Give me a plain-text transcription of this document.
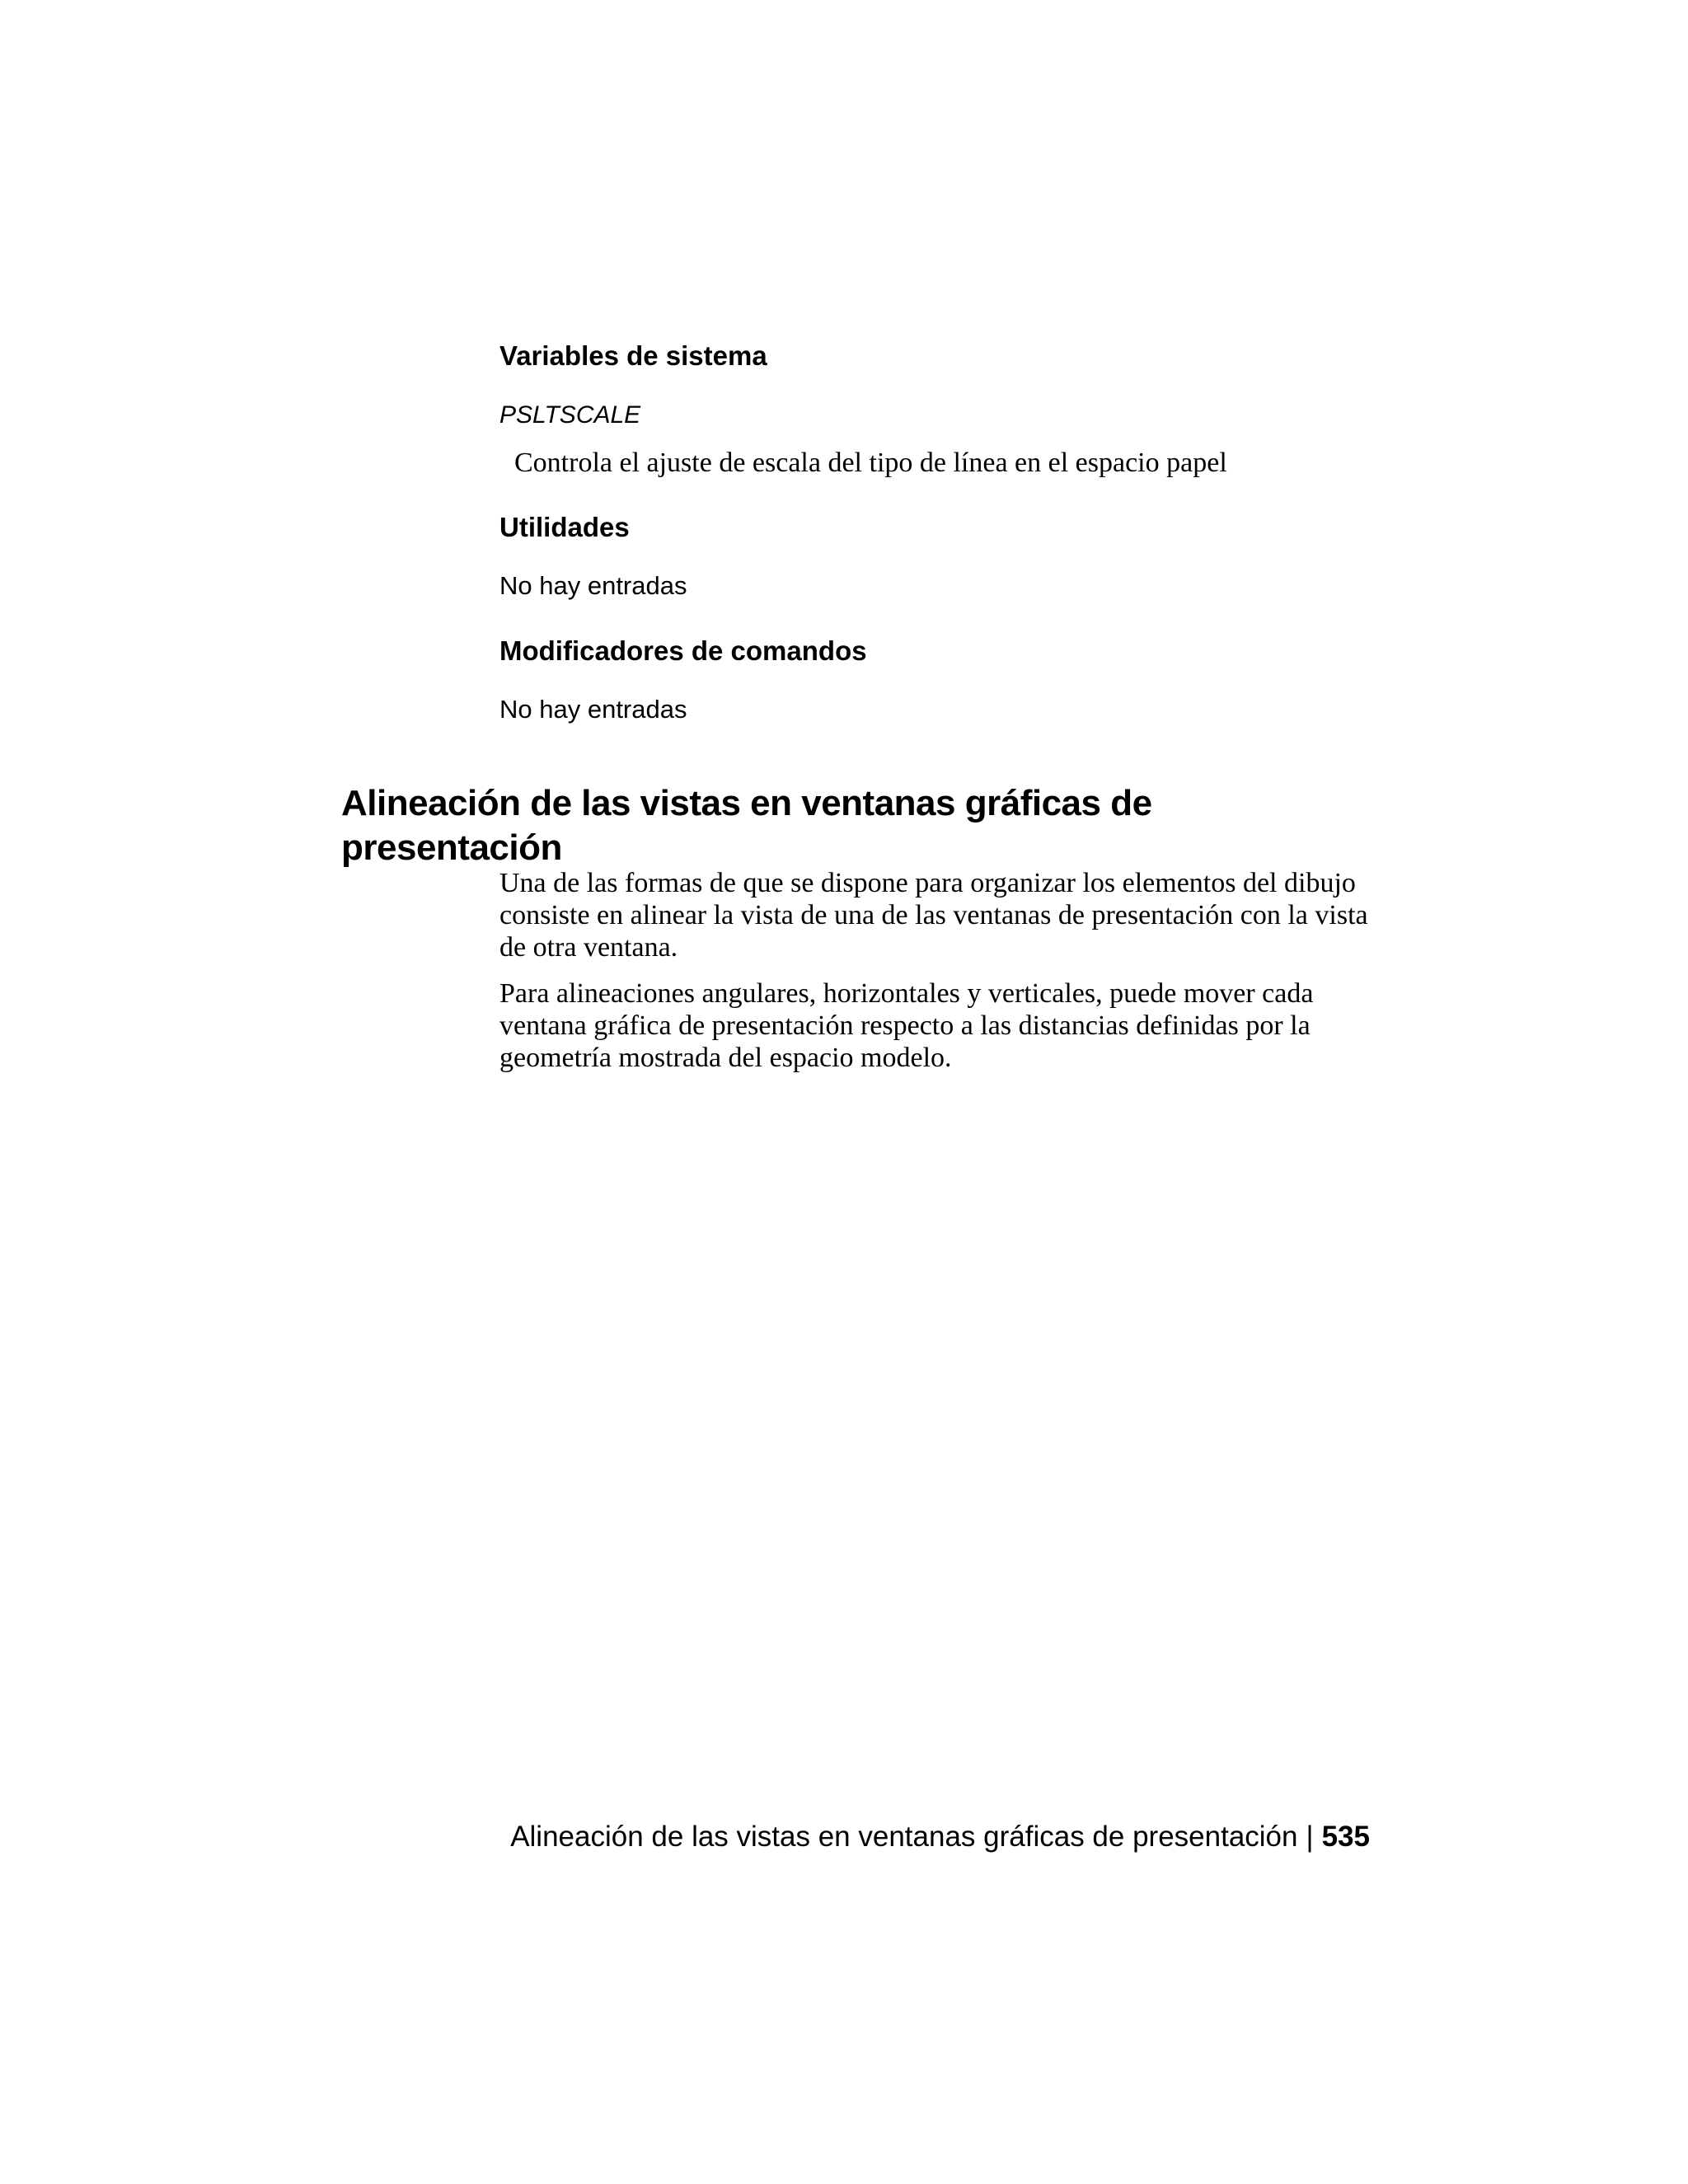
Variables de sistema

PSLTSCALE

Controla el ajuste de escala del tipo de línea en el espacio papel

Utilidades

No hay entradas

Modificadores de comandos

No hay entradas

Alineación de las vistas en ventanas gráficas de presentación

Una de las formas de que se dispone para organizar los elementos del dibujo consiste en alinear la vista de una de las ventanas de presentación con la vista de otra ventana.

Para alineaciones angulares, horizontales y verticales, puede mover cada ventana gráfica de presentación respecto a las distancias definidas por la geometría mostrada del espacio modelo.

Alineación de las vistas en ventanas gráficas de presentación | 535
